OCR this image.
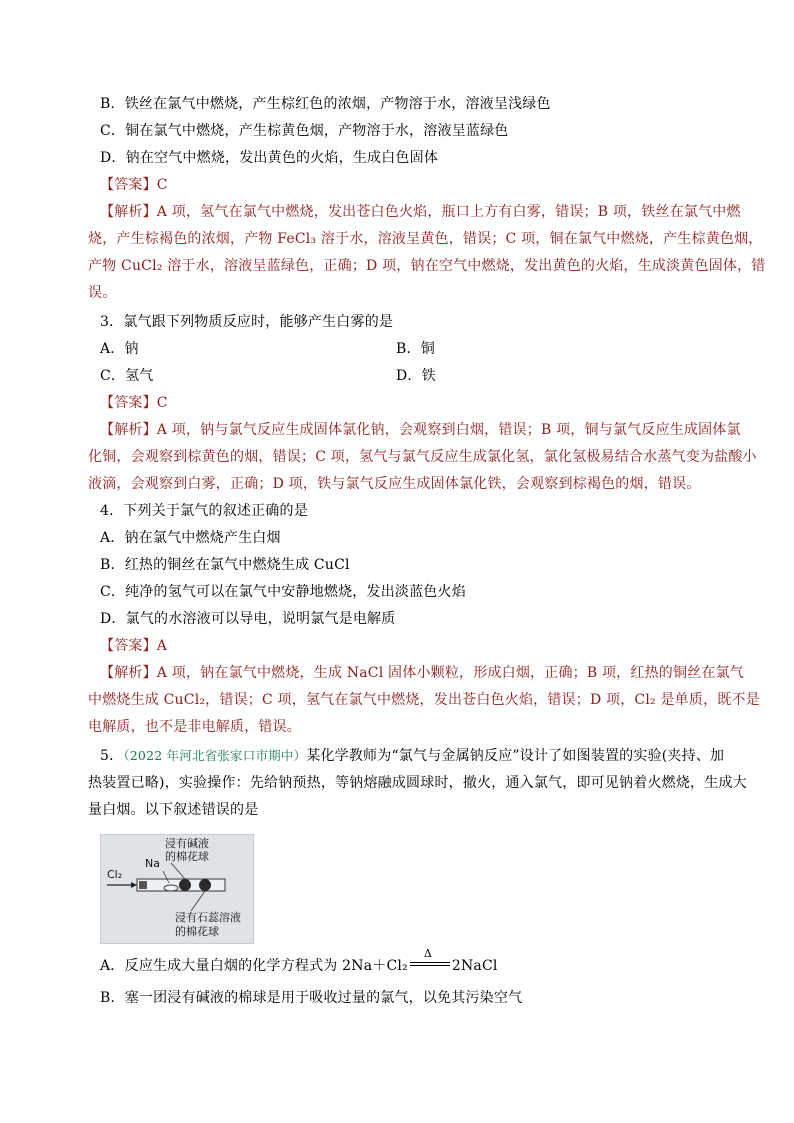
B．铁丝在氯气中燃烧，产生棕红色的浓烟，产物溶于水，溶液呈浅绿色
C．铜在氯气中燃烧，产生棕黄色烟，产物溶于水，溶液呈蓝绿色
D．钠在空气中燃烧，发出黄色的火焰，生成白色固体
【答案】C
【解析】A 项，氢气在氯气中燃烧，发出苍白色火焰，瓶口上方有白雾，错误；B 项，铁丝在氯气中燃
烧，产生棕褐色的浓烟，产物 FeCl₃ 溶于水，溶液呈黄色，错误；C 项，铜在氯气中燃烧，产生棕黄色烟，
产物 CuCl₂ 溶于水，溶液呈蓝绿色，正确；D 项，钠在空气中燃烧，发出黄色的火焰，生成淡黄色固体，错
误。
3．氯气跟下列物质反应时，能够产生白雾的是
A．钠	B．铜
C．氢气	D．铁
【答案】C
【解析】A 项，钠与氯气反应生成固体氯化钠，会观察到白烟，错误；B 项，铜与氯气反应生成固体氯
化铜，会观察到棕黄色的烟，错误；C 项，氢气与氯气反应生成氯化氢，氯化氢极易结合水蒸气变为盐酸小
液滴，会观察到白雾，正确；D 项，铁与氯气反应生成固体氯化铁，会观察到棕褐色的烟，错误。
4．下列关于氯气的叙述正确的是
A．钠在氯气中燃烧产生白烟
B．红热的铜丝在氯气中燃烧生成 CuCl
C．纯净的氢气可以在氯气中安静地燃烧，发出淡蓝色火焰
D．氯气的水溶液可以导电，说明氯气是电解质
【答案】A
【解析】A 项，钠在氯气中燃烧，生成 NaCl 固体小颗粒，形成白烟，正确；B 项，红热的铜丝在氯气
中燃烧生成 CuCl₂，错误；C 项，氢气在氯气中燃烧，发出苍白色火焰，错误；D 项，Cl₂ 是单质，既不是
电解质，也不是非电解质，错误。
5．（2022 年河北省张家口市期中）某化学教师为“氯气与金属钠反应”设计了如图装置的实验(夹持、加
热装置已略)，实验操作：先给钠预热，等钠熔融成圆球时，撤火，通入氯气，即可见钠着火燃烧，生成大
量白烟。以下叙述错误的是
浸有碱液
的棉花球
Na
Cl₂
浸有石蕊溶液
的棉花球
A．反应生成大量白烟的化学方程式为 2Na＋Cl₂
Δ
2NaCl
B．塞一团浸有碱液的棉球是用于吸收过量的氯气，以免其污染空气
